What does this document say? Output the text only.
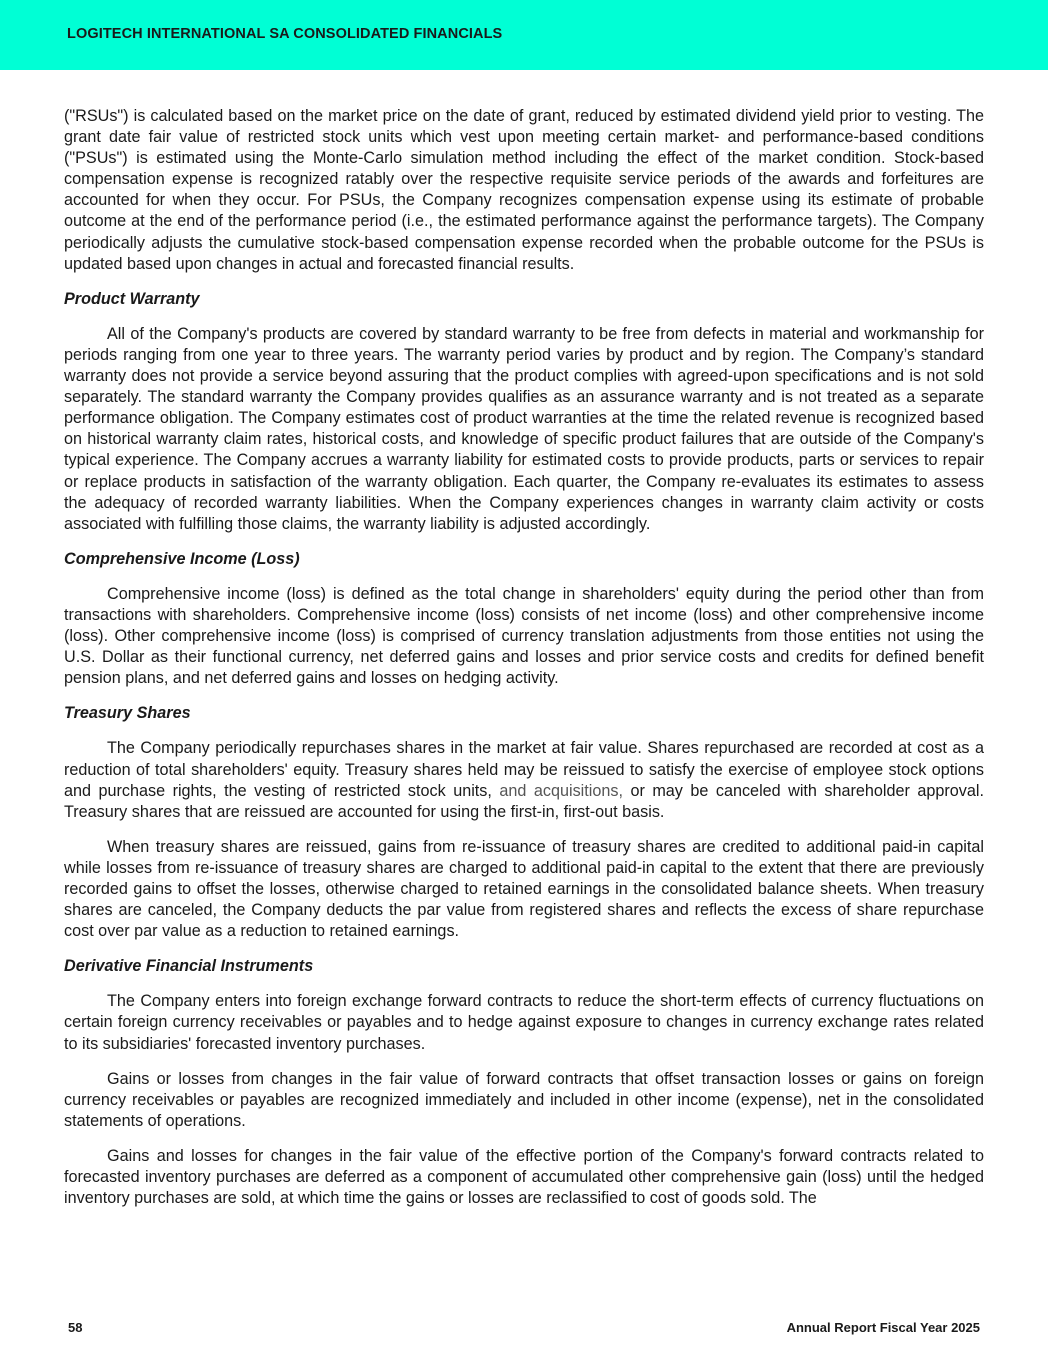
LOGITECH INTERNATIONAL SA CONSOLIDATED FINANCIALS

("RSUs") is calculated based on the market price on the date of grant, reduced by estimated dividend yield prior to vesting. The grant date fair value of restricted stock units which vest upon meeting certain market- and performance-based conditions ("PSUs") is estimated using the Monte-Carlo simulation method including the effect of the market condition. Stock-based compensation expense is recognized ratably over the respective requisite service periods of the awards and forfeitures are accounted for when they occur. For PSUs, the Company recognizes compensation expense using its estimate of probable outcome at the end of the performance period (i.e., the estimated performance against the performance targets). The Company periodically adjusts the cumulative stock-based compensation expense recorded when the probable outcome for the PSUs is updated based upon changes in actual and forecasted financial results.

Product Warranty

All of the Company's products are covered by standard warranty to be free from defects in material and workmanship for periods ranging from one year to three years. The warranty period varies by product and by region. The Company’s standard warranty does not provide a service beyond assuring that the product complies with agreed-upon specifications and is not sold separately. The standard warranty the Company provides qualifies as an assurance warranty and is not treated as a separate performance obligation. The Company estimates cost of product warranties at the time the related revenue is recognized based on historical warranty claim rates, historical costs, and knowledge of specific product failures that are outside of the Company's typical experience. The Company accrues a warranty liability for estimated costs to provide products, parts or services to repair or replace products in satisfaction of the warranty obligation. Each quarter, the Company re-evaluates its estimates to assess the adequacy of recorded warranty liabilities. When the Company experiences changes in warranty claim activity or costs associated with fulfilling those claims, the warranty liability is adjusted accordingly.

Comprehensive Income (Loss)

Comprehensive income (loss) is defined as the total change in shareholders' equity during the period other than from transactions with shareholders. Comprehensive income (loss) consists of net income (loss) and other comprehensive income (loss). Other comprehensive income (loss) is comprised of currency translation adjustments from those entities not using the U.S. Dollar as their functional currency, net deferred gains and losses and prior service costs and credits for defined benefit pension plans, and net deferred gains and losses on hedging activity.

Treasury Shares

The Company periodically repurchases shares in the market at fair value. Shares repurchased are recorded at cost as a reduction of total shareholders' equity. Treasury shares held may be reissued to satisfy the exercise of employee stock options and purchase rights, the vesting of restricted stock units, and acquisitions, or may be canceled with shareholder approval. Treasury shares that are reissued are accounted for using the first-in, first-out basis.

When treasury shares are reissued, gains from re-issuance of treasury shares are credited to additional paid-in capital while losses from re-issuance of treasury shares are charged to additional paid-in capital to the extent that there are previously recorded gains to offset the losses, otherwise charged to retained earnings in the consolidated balance sheets. When treasury shares are canceled, the Company deducts the par value from registered shares and reflects the excess of share repurchase cost over par value as a reduction to retained earnings.

Derivative Financial Instruments

The Company enters into foreign exchange forward contracts to reduce the short-term effects of currency fluctuations on certain foreign currency receivables or payables and to hedge against exposure to changes in currency exchange rates related to its subsidiaries' forecasted inventory purchases.

Gains or losses from changes in the fair value of forward contracts that offset transaction losses or gains on foreign currency receivables or payables are recognized immediately and included in other income (expense), net in the consolidated statements of operations.

Gains and losses for changes in the fair value of the effective portion of the Company's forward contracts related to forecasted inventory purchases are deferred as a component of accumulated other comprehensive gain (loss) until the hedged inventory purchases are sold, at which time the gains or losses are reclassified to cost of goods sold. The

58	Annual Report Fiscal Year 2025
